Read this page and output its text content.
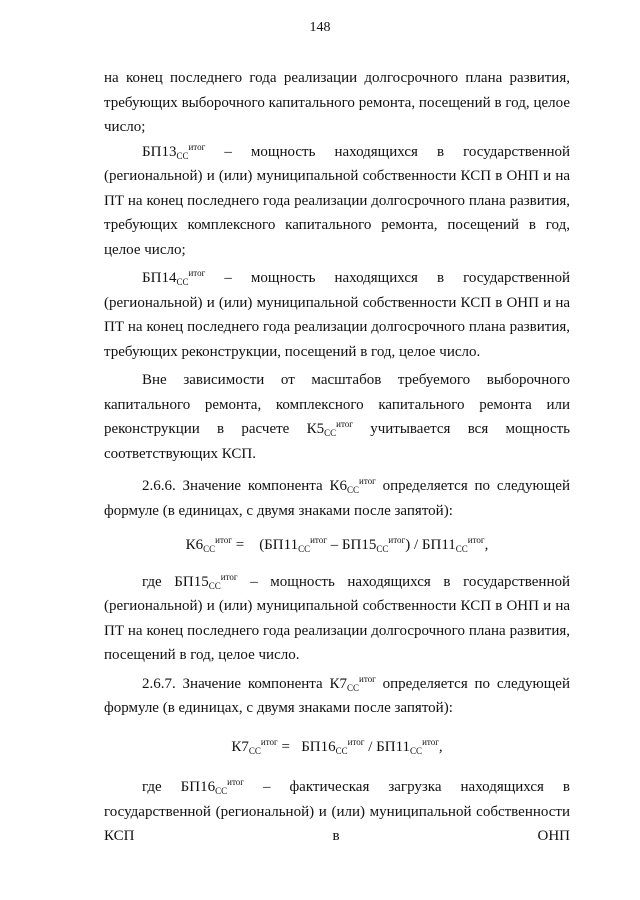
148

на конец последнего года реализации долгосрочного плана развития, требующих выборочного капитального ремонта, посещений в год, целое число;

$БП13_{СС}^{итог}$ – мощность находящихся в государственной (региональной) и (или) муниципальной собственности КСП в ОНП и на ПТ на конец последнего года реализации долгосрочного плана развития, требующих комплексного капитального ремонта, посещений в год, целое число;

$БП14_{СС}^{итог}$ – мощность находящихся в государственной (региональной) и (или) муниципальной собственности КСП в ОНП и на ПТ на конец последнего года реализации долгосрочного плана развития, требующих реконструкции, посещений в год, целое число.

Вне зависимости от масштабов требуемого выборочного капитального ремонта, комплексного капитального ремонта или реконструкции в расчете $К5_{СС}^{итог}$ учитывается вся мощность соответствующих КСП.

2.6.6. Значение компонента $К6_{СС}^{итог}$ определяется по следующей формуле (в единицах, с двумя знаками после запятой):

$К6_{СС}^{итог}$ =    $(БП11_{СС}^{итог} - БП15_{СС}^{итог}) / БП11_{СС}^{итог}$,

где $БП15_{СС}^{итог}$ – мощность находящихся в государственной (региональной) и (или) муниципальной собственности КСП в ОНП и на ПТ на конец последнего года реализации долгосрочного плана развития, посещений в год, целое число.

2.6.7. Значение компонента $К7_{СС}^{итог}$ определяется по следующей формуле (в единицах, с двумя знаками после запятой):

$К7_{СС}^{итог} = БП16_{СС}^{итог} / БП11_{СС}^{итог}$,

где $БП16_{СС}^{итог}$ – фактическая загрузка находящихся в государственной (региональной) и (или) муниципальной собственности КСП в ОНП
